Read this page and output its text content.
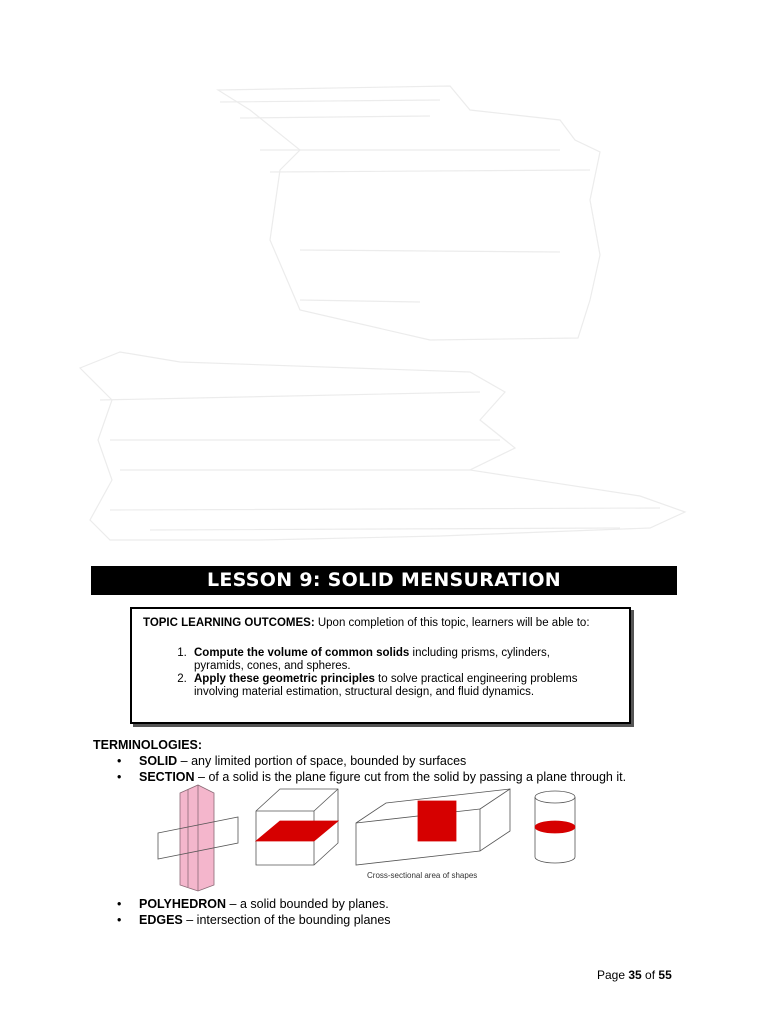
LESSON 9: SOLID MENSURATION
TOPIC LEARNING OUTCOMES: Upon completion of this topic, learners will be able to:
1. Compute the volume of common solids including prisms, cylinders, pyramids, cones, and spheres.
2. Apply these geometric principles to solve practical engineering problems involving material estimation, structural design, and fluid dynamics.
TERMINOLOGIES:
• SOLID – any limited portion of space, bounded by surfaces
• SECTION – of a solid is the plane figure cut from the solid by passing a plane through it.
Cross-sectional area of shapes
• POLYHEDRON – a solid bounded by planes.
• EDGES – intersection of the bounding planes
Page 35 of 55
